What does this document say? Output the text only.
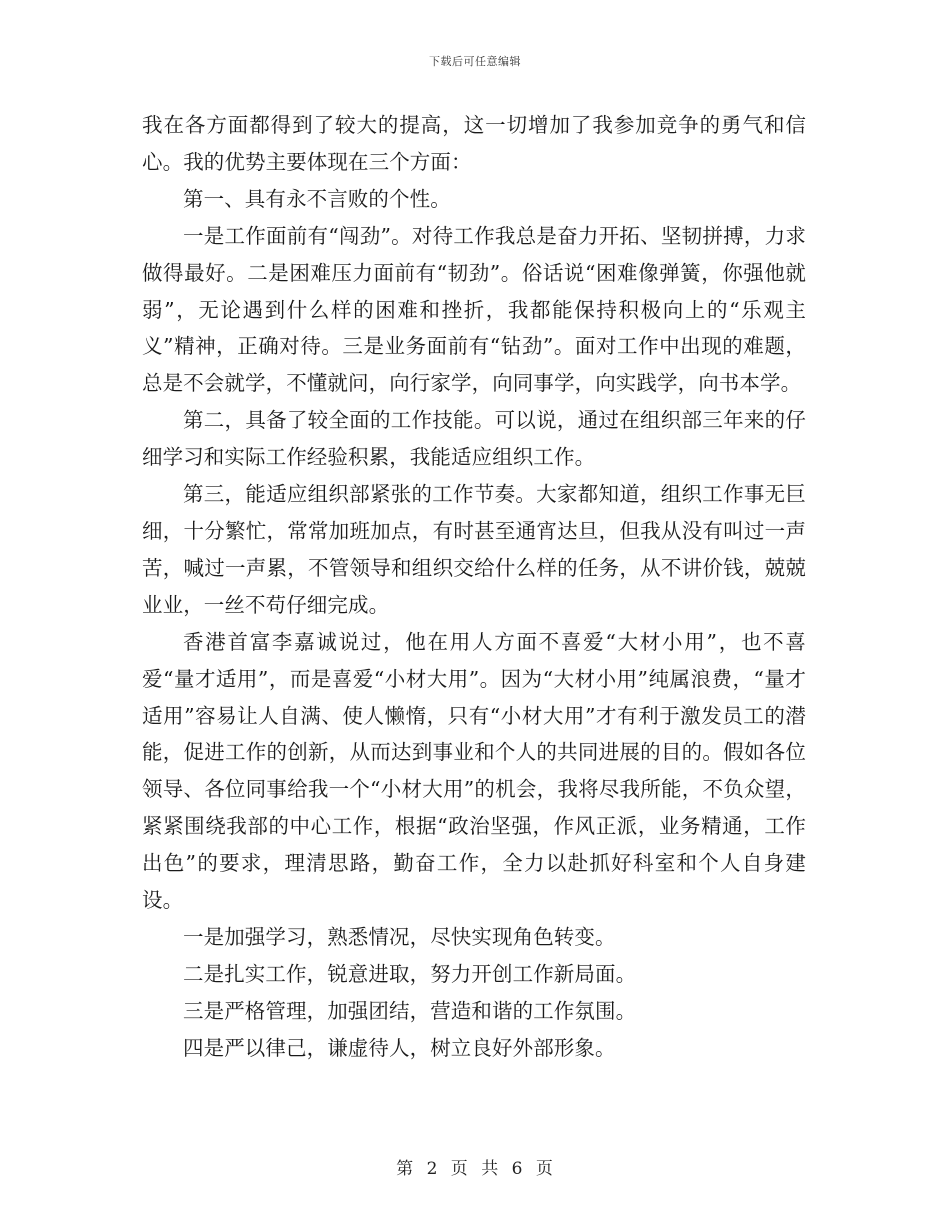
下载后可任意编辑

我在各方面都得到了较大的提高，这一切增加了我参加竞争的勇气和信心。我的优势主要体现在三个方面：

第一、具有永不言败的个性。

一是工作面前有“闯劲”。对待工作我总是奋力开拓、坚韧拼搏，力求做得最好。二是困难压力面前有“韧劲”。俗话说“困难像弹簧，你强他就弱”，无论遇到什么样的困难和挫折，我都能保持积极向上的“乐观主义”精神，正确对待。三是业务面前有“钻劲”。面对工作中出现的难题，总是不会就学，不懂就问，向行家学，向同事学，向实践学，向书本学。

第二，具备了较全面的工作技能。可以说，通过在组织部三年来的仔细学习和实际工作经验积累，我能适应组织工作。

第三，能适应组织部紧张的工作节奏。大家都知道，组织工作事无巨细，十分繁忙，常常加班加点，有时甚至通宵达旦，但我从没有叫过一声苦，喊过一声累，不管领导和组织交给什么样的任务，从不讲价钱，兢兢业业，一丝不苟仔细完成。

香港首富李嘉诚说过，他在用人方面不喜爱“大材小用”，也不喜爱“量才适用”，而是喜爱“小材大用”。因为“大材小用”纯属浪费，“量才适用”容易让人自满、使人懒惰，只有“小材大用”才有利于激发员工的潜能，促进工作的创新，从而达到事业和个人的共同进展的目的。假如各位领导、各位同事给我一个“小材大用”的机会，我将尽我所能，不负众望，紧紧围绕我部的中心工作，根据“政治坚强，作风正派，业务精通，工作出色”的要求，理清思路，勤奋工作，全力以赴抓好科室和个人自身建设。

一是加强学习，熟悉情况，尽快实现角色转变。

二是扎实工作，锐意进取，努力开创工作新局面。

三是严格管理，加强团结，营造和谐的工作氛围。

四是严以律己，谦虚待人，树立良好外部形象。

第 2 页 共 6 页
